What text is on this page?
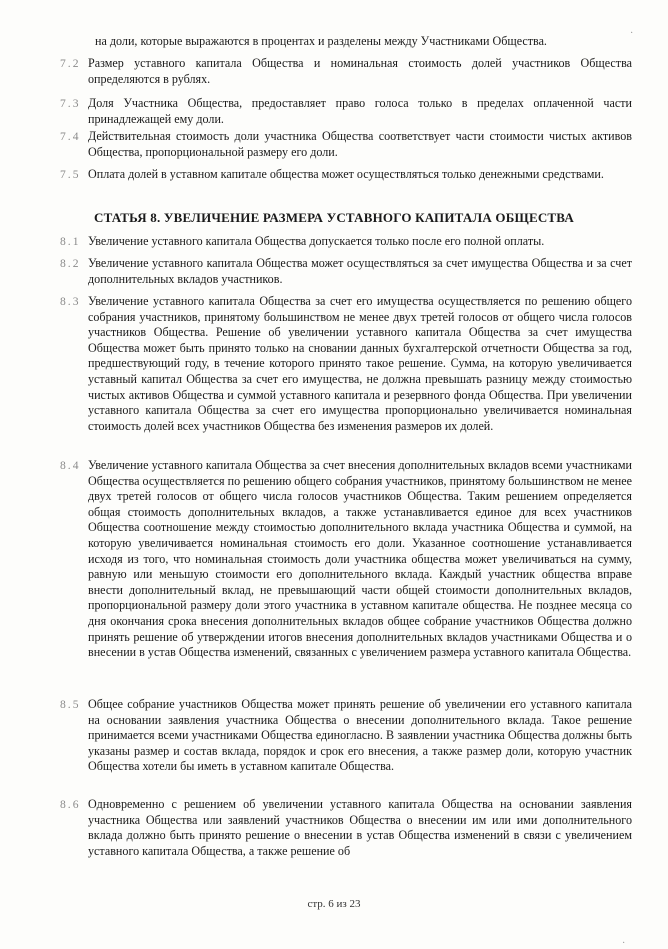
на доли, которые выражаются в процентах и разделены между Участниками Общества.
7.2 Размер уставного капитала Общества и номинальная стоимость долей участников Общества определяются в рублях.
7.3 Доля Участника Общества, предоставляет право голоса только в пределах оплаченной части принадлежащей ему доли.
7.4 Действительная стоимость доли участника Общества соответствует части стоимости чистых активов Общества, пропорциональной размеру его доли.
7.5 Оплата долей в уставном капитале общества может осуществляться только денежными средствами.
СТАТЬЯ 8. УВЕЛИЧЕНИЕ РАЗМЕРА УСТАВНОГО КАПИТАЛА ОБЩЕСТВА
8.1 Увеличение уставного капитала Общества допускается только после его полной оплаты.
8.2 Увеличение уставного капитала Общества может осуществляться за счет имущества Общества и за счет дополнительных вкладов участников.
8.3 Увеличение уставного капитала Общества за счет его имущества осуществляется по решению общего собрания участников, принятому большинством не менее двух третей голосов от общего числа голосов участников Общества. Решение об увеличении уставного капитала Общества за счет имущества Общества может быть принято только на сновании данных бухгалтерской отчетности Общества за год, предшествующий году, в течение которого принято такое решение. Сумма, на которую увеличивается уставный капитал Общества за счет его имущества, не должна превышать разницу между стоимостью чистых активов Общества и суммой уставного капитала и резервного фонда Общества. При увеличении уставного капитала Общества за счет его имущества пропорционально увеличивается номинальная стоимость долей всех участников Общества без изменения размеров их долей.
8.4 Увеличение уставного капитала Общества за счет внесения дополнительных вкладов всеми участниками Общества осуществляется по решению общего собрания участников, принятому большинством не менее двух третей голосов от общего числа голосов участников Общества. Таким решением определяется общая стоимость дополнительных вкладов, а также устанавливается единое для всех участников Общества соотношение между стоимостью дополнительного вклада участника Общества и суммой, на которую увеличивается номинальная стоимость его доли. Указанное соотношение устанавливается исходя из того, что номинальная стоимость доли участника общества может увеличиваться на сумму, равную или меньшую стоимости его дополнительного вклада. Каждый участник общества вправе внести дополнительный вклад, не превышающий части общей стоимости дополнительных вкладов, пропорциональной размеру доли этого участника в уставном капитале общества. Не позднее месяца со дня окончания срока внесения дополнительных вкладов общее собрание участников Общества должно принять решение об утверждении итогов внесения дополнительных вкладов участниками Общества и о внесении в устав Общества изменений, связанных с увеличением размера уставного капитала Общества.
8.5 Общее собрание участников Общества может принять решение об увеличении его уставного капитала на основании заявления участника Общества о внесении дополнительного вклада. Такое решение принимается всеми участниками Общества единогласно. В заявлении участника Общества должны быть указаны размер и состав вклада, порядок и срок его внесения, а также размер доли, которую участник Общества хотели бы иметь в уставном капитале Общества.
8.6 Одновременно с решением об увеличении уставного капитала Общества на основании заявления участника Общества или заявлений участников Общества о внесении им или ими дополнительного вклада должно быть принято решение о внесении в устав Общества изменений в связи с увеличением уставного капитала Общества, а также решение об
стр. 6 из 23
·
·
